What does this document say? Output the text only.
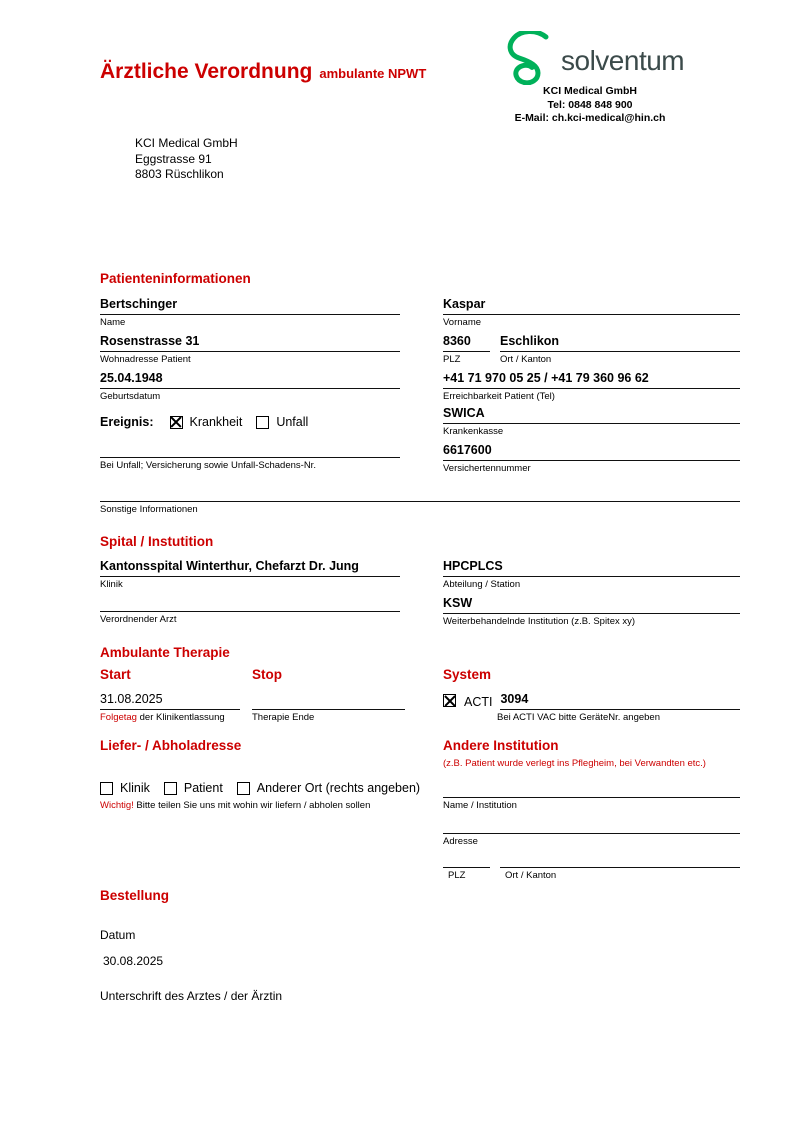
Ärztliche Verordnung ambulante NPWT	solventum
KCI Medical GmbH
Tel: 0848 848 900
E-Mail: ch.kci-medical@hin.ch
KCI Medical GmbH
Eggstrasse 91
8803 Rüschlikon
Patienteninformationen
Bertschinger
Name
Kaspar
Vorname
Rosenstrasse 31
Wohnadresse Patient
8360
PLZ
Eschlikon
Ort / Kanton
25.04.1948
Geburtsdatum
+41 71 970 05 25 / +41 79 360 96 62
Erreichbarkeit Patient (Tel)
Ereignis:	Krankheit	Unfall
SWICA
Krankenkasse
Bei Unfall; Versicherung sowie Unfall-Schadens-Nr.
6617600
Versichertennummer
Sonstige Informationen
Spital / Instutition
Kantonsspital Winterthur, Chefarzt Dr. Jung
Klinik
HPCPLCS
Abteilung / Station
Verordnender Arzt
KSW
Weiterbehandelnde Institution (z.B. Spitex xy)
Ambulante Therapie
Start	Stop	System
31.08.2025
Folgetag der Klinikentlassung	Therapie Ende
ACTI 3094
Bei ACTI VAC bitte GeräteNr. angeben
Liefer- / Abholadresse
Klinik	Patient	Anderer Ort (rechts angeben)
Wichtig! Bitte teilen Sie uns mit wohin wir liefern / abholen sollen
Andere Institution
(z.B. Patient wurde verlegt ins Pflegheim, bei Verwandten etc.)
Name / Institution
Adresse
PLZ	Ort / Kanton
Bestellung
Datum
30.08.2025
Unterschrift des Arztes / der Ärztin
